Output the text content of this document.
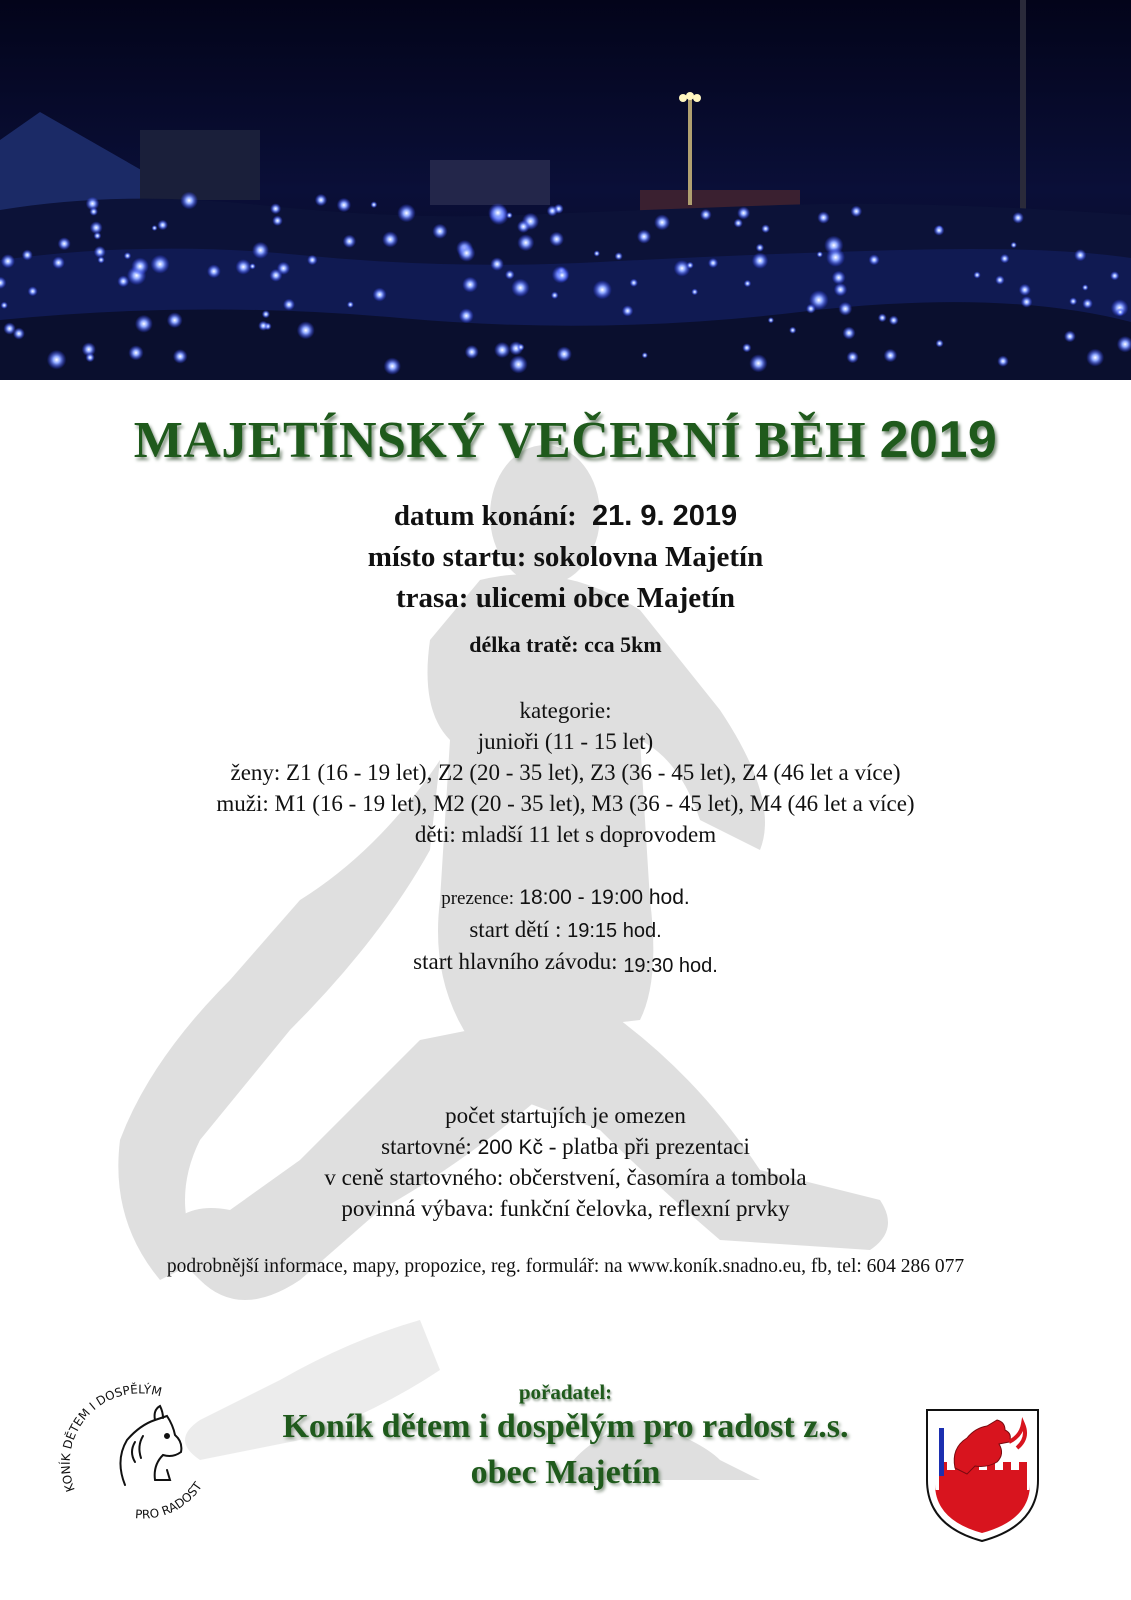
MAJETÍNSKÝ VEČERNÍ BĚH 2019
datum konání: 21. 9. 2019
místo startu: sokolovna Majetín
trasa: ulicemi obce Majetín
délka tratě: cca 5km
kategorie:
junioři (11 - 15 let)
ženy: Z1 (16 - 19 let), Z2 (20 - 35 let), Z3 (36 - 45 let), Z4 (46 let a více)
muži: M1 (16 - 19 let), M2 (20 - 35 let), M3 (36 - 45 let), M4 (46 let a více)
děti: mladší 11 let s doprovodem
prezence: 18:00 - 19:00 hod.
start dětí : 19:15 hod.
start hlavního závodu: 19:30 hod.
počet startujích je omezen
startovné: 200 Kč - platba při prezentaci
v ceně startovného: občerstvení, časomíra a tombola
povinná výbava: funkční čelovka, reflexní prvky
podrobnější informace, mapy, propozice, reg. formulář: na www.koník.snadno.eu, fb, tel: 604 286 077
pořadatel:
Koník dětem i dospělým pro radost z.s.
obec Majetín
KONÍK DĚTEM I DOSPĚLÝM
PRO RADOST
